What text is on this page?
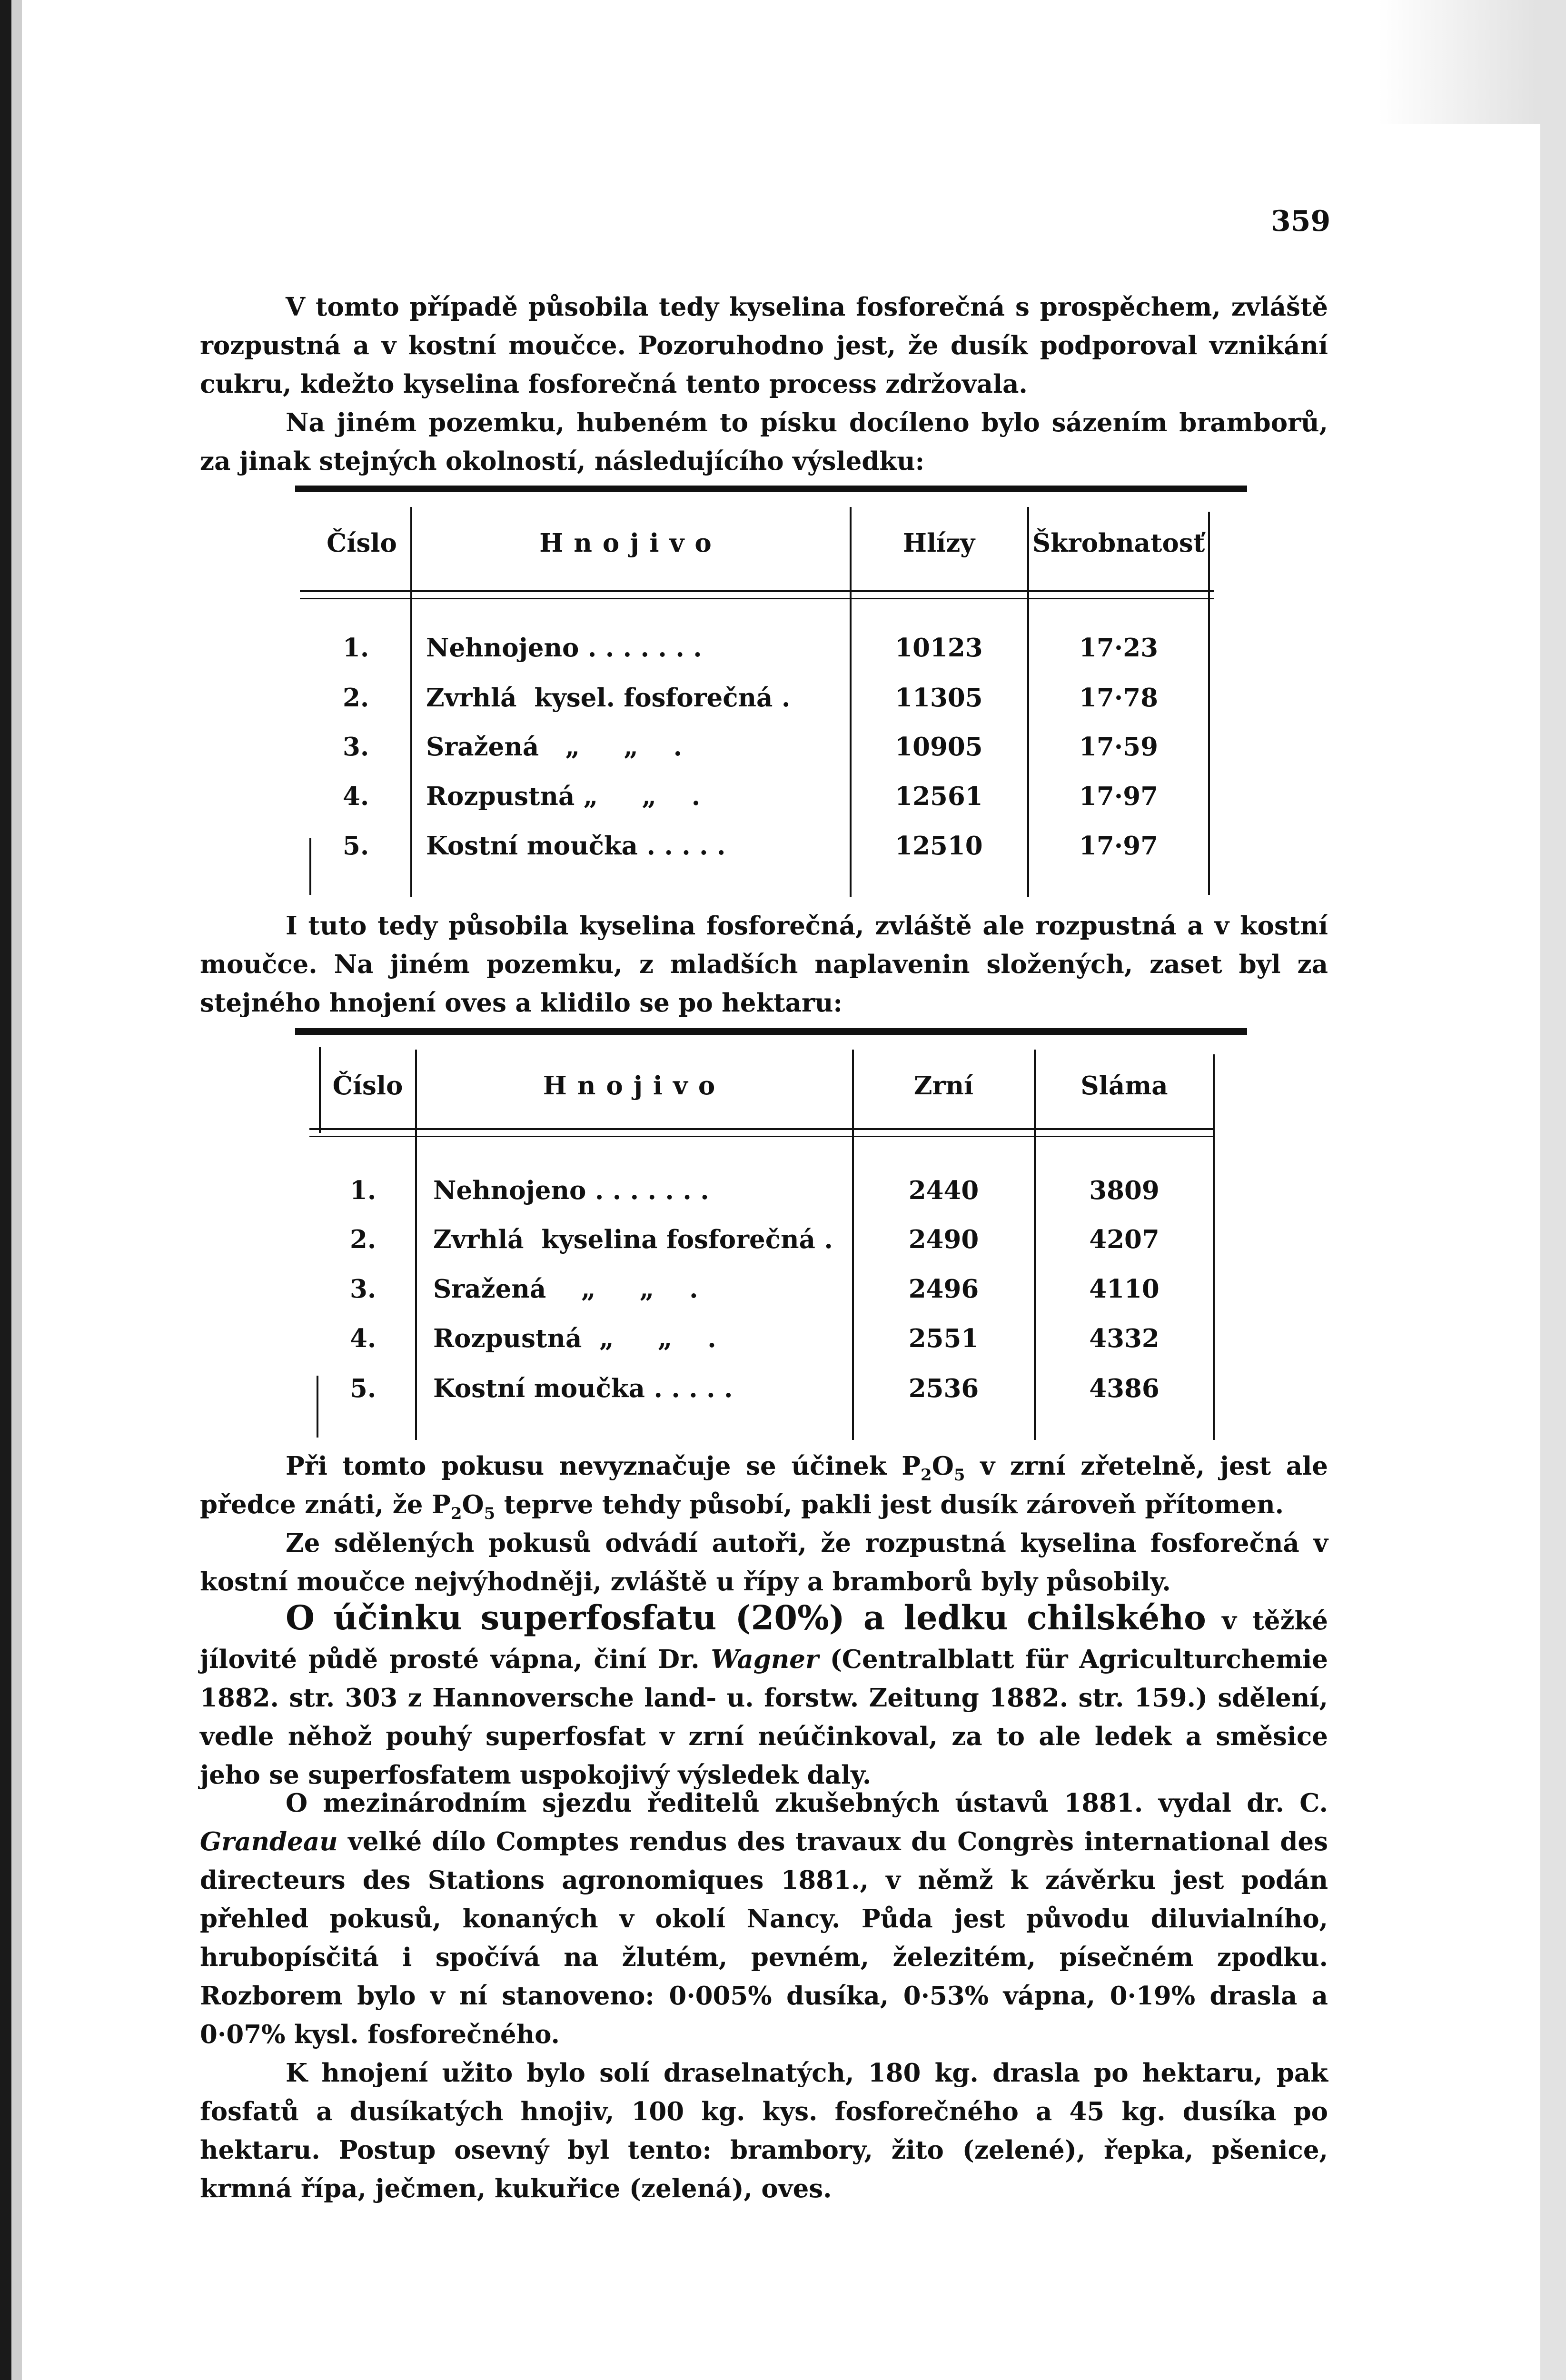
359

V tomto případě působila tedy kyselina fosforečná s prospěchem, zvláště rozpustná a v kostní moučce. Pozoruhodno jest, že dusík podporoval vznikání cukru, kdežto kyselina fosforečná tento process zdržovala.

Na jiném pozemku, hubeném to písku docíleno bylo sázením bramborů, za jinak stejných okolností, následujícího výsledku:

Číslo	Hnojivo	Hlízy	Škrobnatosť
1. Nehnojeno . . . . . . .	10123	17·23
2. Zvrhlá  kysel. fosforečná .	11305	17·78
3. Sražená   „     „    .	10905	17·59
4. Rozpustná „     „    .	12561	17·97
5. Kostní moučka . . . . .	12510	17·97

I tuto tedy působila kyselina fosforečná, zvláště ale rozpustná a v kostní moučce. Na jiném pozemku, z mladších naplavenin složených, zaset byl za stejného hnojení oves a klidilo se po hektaru:

Číslo	Hnojivo	Zrní	Sláma
1. Nehnojeno . . . . . . .	2440	3809
2. Zvrhlá  kyselina fosforečná .	2490	4207
3. Sražená    „     „    .	2496	4110
4. Rozpustná  „     „    .	2551	4332
5. Kostní moučka . . . . .	2536	4386

Při tomto pokusu nevyznačuje se účinek $P_2O_5$ v zrní zřetelně, jest ale předce znáti, že $P_2O_5$ teprve tehdy působí, pakli jest dusík zároveň přítomen.

Ze sdělených pokusů odvádí autoři, že rozpustná kyselina fosforečná v kostní moučce nejvýhodněji, zvláště u řípy a bramborů byly působily.

O účinku superfosfatu (20%) a ledku chilského v těžké jílovité půdě prosté vápna, činí Dr. Wagner (Centralblatt für Agriculturchemie 1882. str. 303 z Hannoversche land- u. forstw. Zeitung 1882. str. 159.) sdělení, vedle něhož pouhý superfosfat v zrní neúčinkoval, za to ale ledek a směsice jeho se superfosfatem uspokojivý výsledek daly.

O mezinárodním sjezdu ředitelů zkušebných ústavů 1881. vydal dr. C. Grandeau velké dílo Comptes rendus des travaux du Congrès international des directeurs des Stations agronomiques 1881., v němž k závěrku jest podán přehled pokusů, konaných v okolí Nancy. Půda jest původu diluvialního, hrubopísčitá i spočívá na žlutém, pevném, železitém, písečném zpodku. Rozborem bylo v ní stanoveno: 0·005% dusíka, 0·53% vápna, 0·19% drasla a 0·07% kysl. fosforečného.

K hnojení užito bylo solí draselnatých, 180 kg. drasla po hektaru, pak fosfatů a dusíkatých hnojiv, 100 kg. kys. fosforečného a 45 kg. dusíka po hektaru. Postup osevný byl tento: brambory, žito (zelené), řepka, pšenice, krmná řípa, ječmen, kukuřice (zelená), oves.
